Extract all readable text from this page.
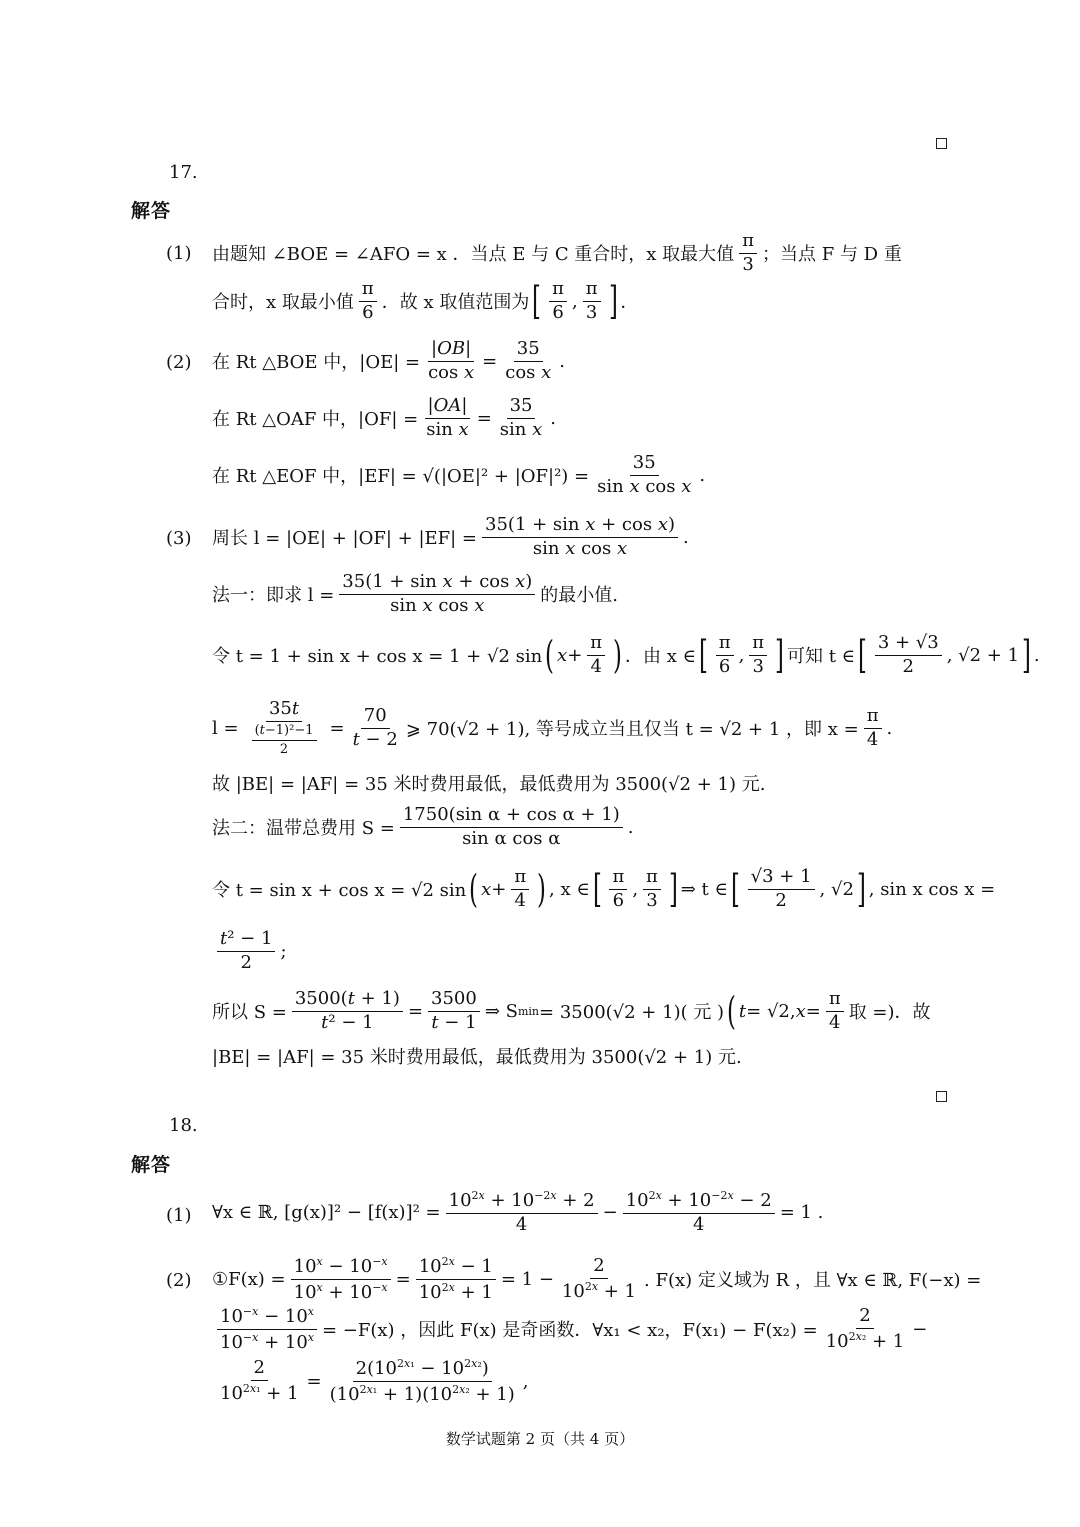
17.
解答
(1) 由题知 ∠BOE = ∠AFO = x ．当点 E 与 C 重合时，x 取最大值 $\frac{\pi}{3}$ ；当点 F 与 D 重
合时，x 取最小值 $\frac{\pi}{6}$ ．故 x 取值范围为 [ $\frac{\pi}{6}$ , $\frac{\pi}{3}$ ] ．
(2) 在 Rt △BOE 中，$|OE| = \frac{|OB|}{\text{cos x}} = \frac{35}{\text{cos x}}$ .
在 Rt △OAF 中，$|OF| = \frac{|OA|}{\text{sin x}} = \frac{35}{\text{sin x}}$ .
在 Rt △EOF 中，$|EF| = √(|OE|^2 + |OF|^2) = \frac{35}{\text{sin x cos x}}$ .
(3) 周长 $l = |OE| + |OF| + |EF| = \frac{\text{35(1 + sin x + cos x)}}{\text{sin x cos x}}$ .
法一：即求 $l = \frac{\text{35(1 + sin x + cos x)}}{\text{sin x cos x}}$ 的最小值.
令 t = 1 + sin x + cos x = 1 + √2 sin ( $x + \frac{\pi}{4}$ ) ．由 x ∈ [ $\frac{\pi}{6}$ , $\frac{\pi}{3}$ ] 可知 t ∈ [ $\frac{3 + √3}{2}$ , √2 + 1 ] .
$l = \frac{35t}{\frac{\text{(t−1)²−1}}{2}} = \frac{70}{t - 2}$ ⩾ 70(√2 + 1), 等号成立当且仅当 t = √2 + 1 ，即 $x = \frac{\pi}{4}$ .
故 |BE| = |AF| = 35 米时费用最低，最低费用为 3500(√2 + 1) 元.
法二：温带总费用 $S = \frac{\text{1750(sin α + cos α + 1)}}{\text{sin α cos α}}$ .
令 t = sin x + cos x = √2 sin ( $x + \frac{\pi}{4}$ ) , x ∈ [ $\frac{\pi}{6}$ , $\frac{\pi}{3}$ ] ⇒ t ∈ [ $\frac{√3 + 1}{2}$ , √2 ] , sin x cos x =
$\frac{\text{t² − 1}}{2}$ ;
所以 $S = \frac{3500(t + 1)}{\text{t² − 1}} = \frac{3500}{t - 1}$ ⇒ S min = 3500(√2 + 1)( 元 ) ( t = √2, $x = \frac{\pi}{4}$ 取 =)．故
|BE| = |AF| = 35 米时费用最低，最低费用为 3500(√2 + 1) 元.
18.
解答
(1) ∀x ∈ ℝ, $[g(x)]^2 - [f(x)]^2 = \frac{10^{2x} + 10^{-2x} + 2}{4} - \frac{10^{2x} + 10^{-2x} - 2}{4} = 1$ .
(2) ①F(x) = $\frac{10^x - 10^{-x}}{10^x + 10^{-x}} = \frac{10^{2x} - 1}{10^{2x} + 1} = 1 - \frac{2}{10^{2x} + 1}$ . F(x) 定义域为 R ，且 ∀x ∈ ℝ, F(−x) =
$\frac{10^{-x} - 10^x}{10^{-x} + 10^x} = -F(x)$ ，因此 F(x) 是奇函数．∀x₁ < x₂，$F(x_1) - F(x_2) = \frac{2}{10^{2x_2} + 1}$ −
$\frac{2}{10^{2x_1} + 1} = \frac{2(10^{2x_1} - 10^{2x_2})}{(10^{2x_1} + 1)(10^{2x_2} + 1)}$ ,
数学试题第 2 页（共 4 页）
